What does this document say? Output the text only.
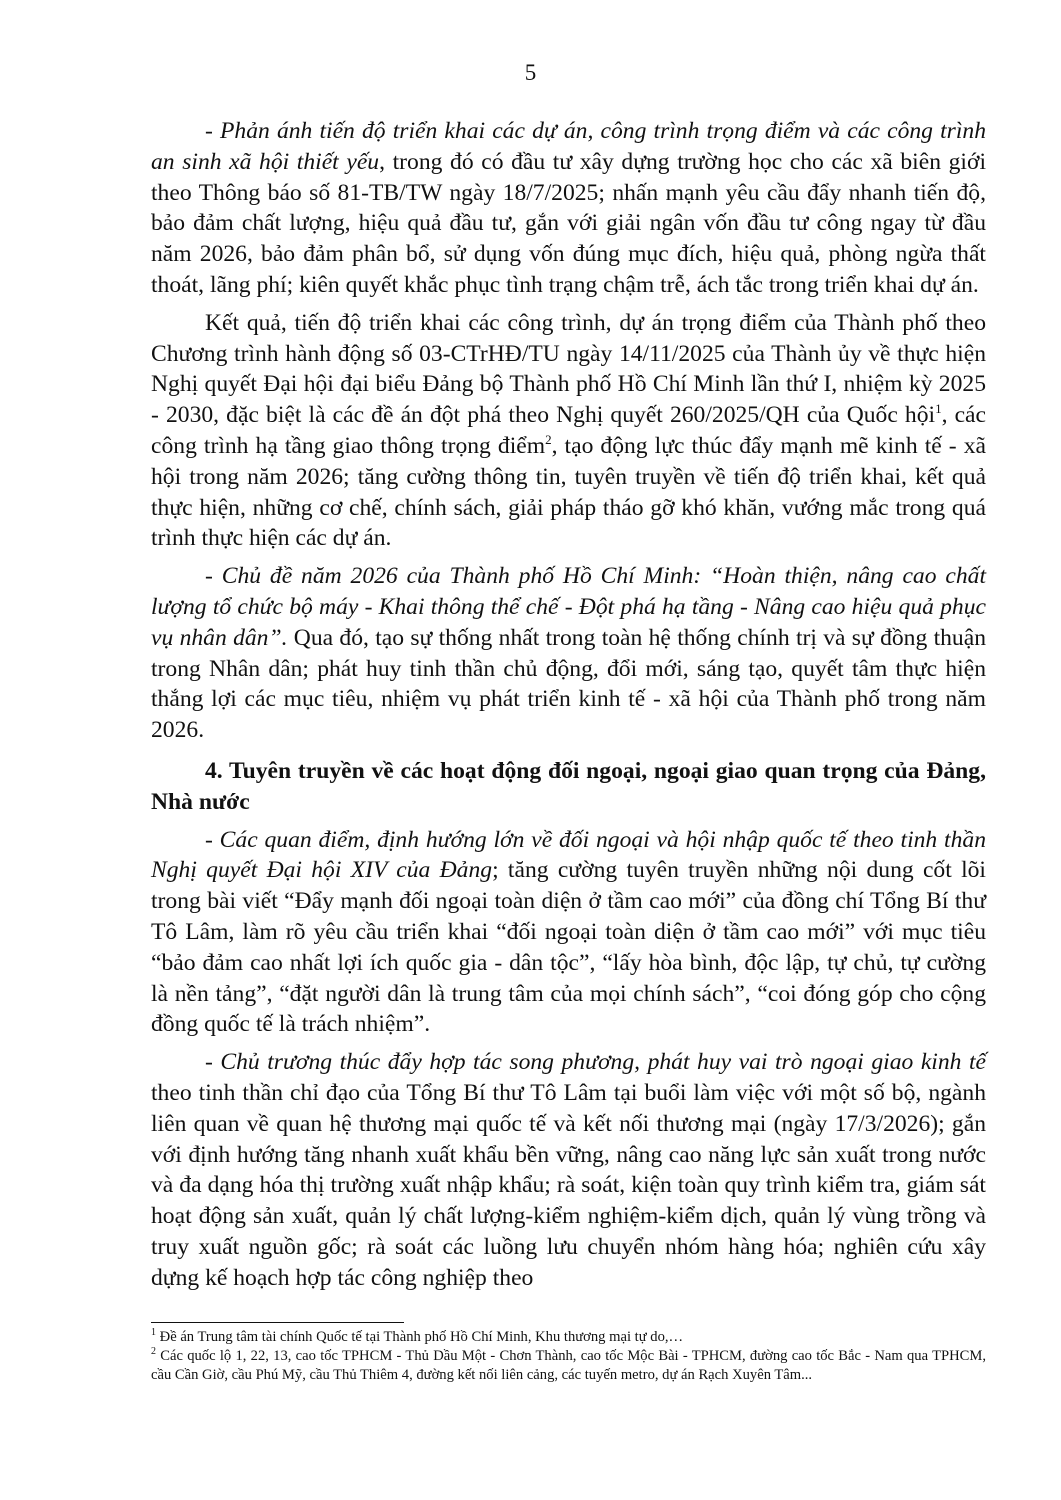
5

- Phản ánh tiến độ triển khai các dự án, công trình trọng điểm và các công trình an sinh xã hội thiết yếu, trong đó có đầu tư xây dựng trường học cho các xã biên giới theo Thông báo số 81-TB/TW ngày 18/7/2025; nhấn mạnh yêu cầu đẩy nhanh tiến độ, bảo đảm chất lượng, hiệu quả đầu tư, gắn với giải ngân vốn đầu tư công ngay từ đầu năm 2026, bảo đảm phân bổ, sử dụng vốn đúng mục đích, hiệu quả, phòng ngừa thất thoát, lãng phí; kiên quyết khắc phục tình trạng chậm trễ, ách tắc trong triển khai dự án.

Kết quả, tiến độ triển khai các công trình, dự án trọng điểm của Thành phố theo Chương trình hành động số 03-CTrHĐ/TU ngày 14/11/2025 của Thành ủy về thực hiện Nghị quyết Đại hội đại biểu Đảng bộ Thành phố Hồ Chí Minh lần thứ I, nhiệm kỳ 2025 - 2030, đặc biệt là các đề án đột phá theo Nghị quyết 260/2025/QH của Quốc hội$^1$, các công trình hạ tầng giao thông trọng điểm$^2$, tạo động lực thúc đẩy mạnh mẽ kinh tế - xã hội trong năm 2026; tăng cường thông tin, tuyên truyền về tiến độ triển khai, kết quả thực hiện, những cơ chế, chính sách, giải pháp tháo gỡ khó khăn, vướng mắc trong quá trình thực hiện các dự án.

- Chủ đề năm 2026 của Thành phố Hồ Chí Minh: “Hoàn thiện, nâng cao chất lượng tổ chức bộ máy - Khai thông thể chế - Đột phá hạ tầng - Nâng cao hiệu quả phục vụ nhân dân”. Qua đó, tạo sự thống nhất trong toàn hệ thống chính trị và sự đồng thuận trong Nhân dân; phát huy tinh thần chủ động, đổi mới, sáng tạo, quyết tâm thực hiện thắng lợi các mục tiêu, nhiệm vụ phát triển kinh tế - xã hội của Thành phố trong năm 2026.

4. Tuyên truyền về các hoạt động đối ngoại, ngoại giao quan trọng của Đảng, Nhà nước

- Các quan điểm, định hướng lớn về đối ngoại và hội nhập quốc tế theo tinh thần Nghị quyết Đại hội XIV của Đảng; tăng cường tuyên truyền những nội dung cốt lõi trong bài viết “Đẩy mạnh đối ngoại toàn diện ở tầm cao mới” của đồng chí Tổng Bí thư Tô Lâm, làm rõ yêu cầu triển khai “đối ngoại toàn diện ở tầm cao mới” với mục tiêu “bảo đảm cao nhất lợi ích quốc gia - dân tộc”, “lấy hòa bình, độc lập, tự chủ, tự cường là nền tảng”, “đặt người dân là trung tâm của mọi chính sách”, “coi đóng góp cho cộng đồng quốc tế là trách nhiệm”.

- Chủ trương thúc đẩy hợp tác song phương, phát huy vai trò ngoại giao kinh tế theo tinh thần chỉ đạo của Tổng Bí thư Tô Lâm tại buổi làm việc với một số bộ, ngành liên quan về quan hệ thương mại quốc tế và kết nối thương mại (ngày 17/3/2026); gắn với định hướng tăng nhanh xuất khẩu bền vững, nâng cao năng lực sản xuất trong nước và đa dạng hóa thị trường xuất nhập khẩu; rà soát, kiện toàn quy trình kiểm tra, giám sát hoạt động sản xuất, quản lý chất lượng-kiểm nghiệm-kiểm dịch, quản lý vùng trồng và truy xuất nguồn gốc; rà soát các luồng lưu chuyển nhóm hàng hóa; nghiên cứu xây dựng kế hoạch hợp tác công nghiệp theo

$^1$ Đề án Trung tâm tài chính Quốc tế tại Thành phố Hồ Chí Minh, Khu thương mại tự do,…

$^2$ Các quốc lộ 1, 22, 13, cao tốc TPHCM - Thủ Dầu Một - Chơn Thành, cao tốc Mộc Bài - TPHCM, đường cao tốc Bắc - Nam qua TPHCM, cầu Cần Giờ, cầu Phú Mỹ, cầu Thủ Thiêm 4, đường kết nối liên cảng, các tuyến metro, dự án Rạch Xuyên Tâm...
